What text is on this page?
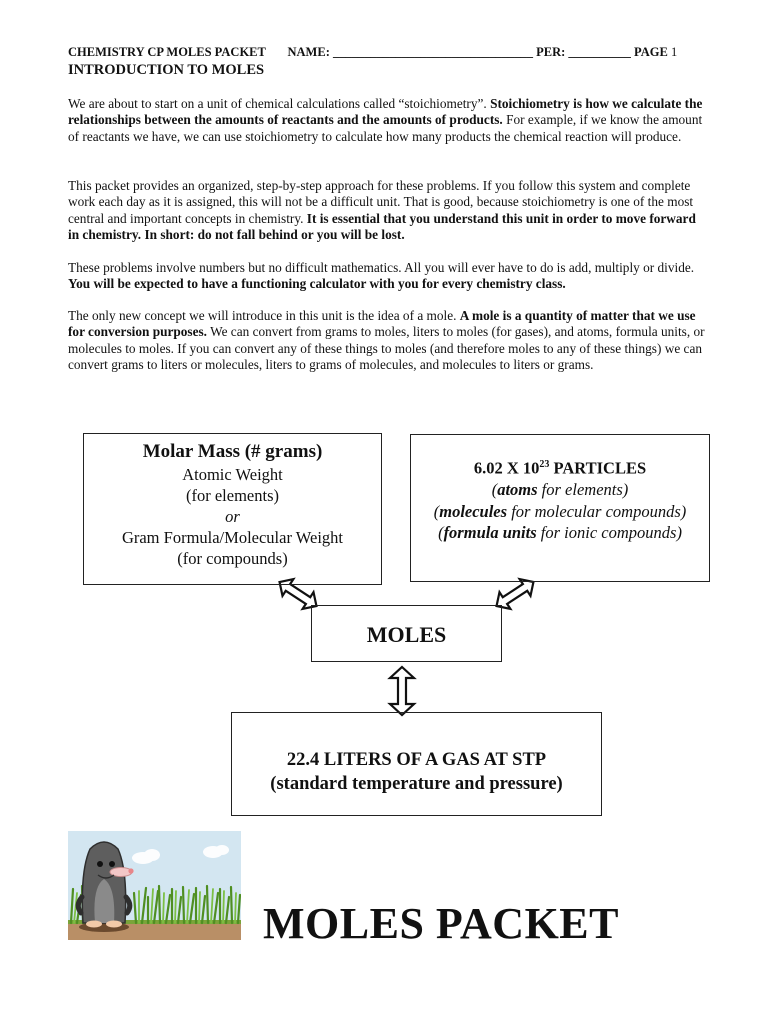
CHEMISTRY CP MOLES PACKET NAME: ________________________________ PER: __________ PAGE 1
INTRODUCTION TO MOLES

We are about to start on a unit of chemical calculations called “stoichiometry”. Stoichiometry is how we calculate the relationships between the amounts of reactants and the amounts of products. For example, if we know the amount of reactants we have, we can use stoichiometry to calculate how many products the chemical reaction will produce.

This packet provides an organized, step-by-step approach for these problems. If you follow this system and complete work each day as it is assigned, this will not be a difficult unit. That is good, because stoichiometry is one of the most central and important concepts in chemistry. It is essential that you understand this unit in order to move forward in chemistry. In short: do not fall behind or you will be lost.

These problems involve numbers but no difficult mathematics. All you will ever have to do is add, multiply or divide. You will be expected to have a functioning calculator with you for every chemistry class.

The only new concept we will introduce in this unit is the idea of a mole. A mole is a quantity of matter that we use for conversion purposes. We can convert from grams to moles, liters to moles (for gases), and atoms, formula units, or molecules to moles. If you can convert any of these things to moles (and therefore moles to any of these things) we can convert grams to liters or molecules, liters to grams of molecules, and molecules to liters or grams.

Molar Mass (# grams)
Atomic Weight
(for elements)
or
Gram Formula/Molecular Weight
(for compounds)
6.02 X $10^{23}$ PARTICLES
(atoms for elements)
(molecules for molecular compounds)
(formula units for ionic compounds)
MOLES
22.4 LITERS OF A GAS AT STP
(standard temperature and pressure)
MOLES PACKET
